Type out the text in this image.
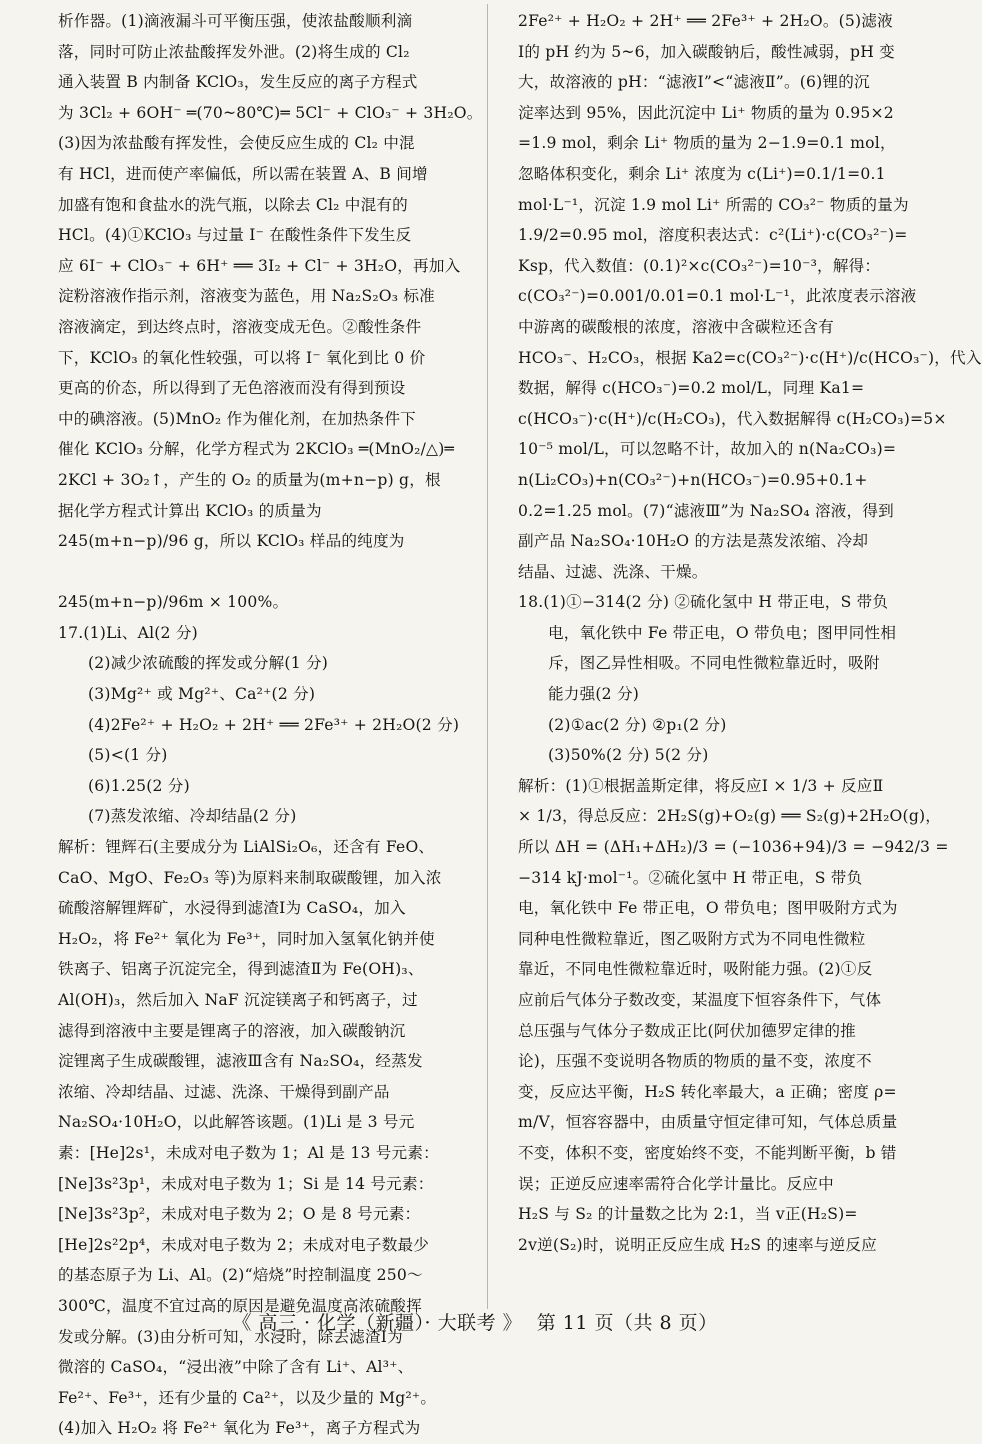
析作器。(1)滴液漏斗可平衡压强，使浓盐酸顺利滴
落，同时可防止浓盐酸挥发外泄。(2)将生成的 Cl₂
通入装置 B 内制备 KClO₃，发生反应的离子方程式
为 3Cl₂ + 6OH⁻ ═(70~80℃)═ 5Cl⁻ + ClO₃⁻ + 3H₂O。
(3)因为浓盐酸有挥发性，会使反应生成的 Cl₂ 中混
有 HCl，进而使产率偏低，所以需在装置 A、B 间增
加盛有饱和食盐水的洗气瓶，以除去 Cl₂ 中混有的
HCl。(4)①KClO₃ 与过量 I⁻ 在酸性条件下发生反
应 6I⁻ + ClO₃⁻ + 6H⁺ ══ 3I₂ + Cl⁻ + 3H₂O，再加入
淀粉溶液作指示剂，溶液变为蓝色，用 Na₂S₂O₃ 标准
溶液滴定，到达终点时，溶液变成无色。②酸性条件
下，KClO₃ 的氧化性较强，可以将 I⁻ 氧化到比 0 价
更高的价态，所以得到了无色溶液而没有得到预设
中的碘溶液。(5)MnO₂ 作为催化剂，在加热条件下
催化 KClO₃ 分解，化学方程式为 2KClO₃ ═(MnO₂/△)═
2KCl + 3O₂↑，产生的 O₂ 的质量为(m+n−p) g，根
据化学方程式计算出 KClO₃ 的质量为
245(m+n−p)/96 g，所以 KClO₃ 样品的纯度为
245(m+n−p)/96m × 100%。
17.(1)Li、Al(2 分)
(2)减少浓硫酸的挥发或分解(1 分)
(3)Mg²⁺ 或 Mg²⁺、Ca²⁺(2 分)
(4)2Fe²⁺ + H₂O₂ + 2H⁺ ══ 2Fe³⁺ + 2H₂O(2 分)
(5)<(1 分)
(6)1.25(2 分)
(7)蒸发浓缩、冷却结晶(2 分)
解析：锂辉石(主要成分为 LiAlSi₂O₆，还含有 FeO、
CaO、MgO、Fe₂O₃ 等)为原料来制取碳酸锂，加入浓
硫酸溶解锂辉矿，水浸得到滤渣Ⅰ为 CaSO₄，加入
H₂O₂，将 Fe²⁺ 氧化为 Fe³⁺，同时加入氢氧化钠并使
铁离子、铝离子沉淀完全，得到滤渣Ⅱ为 Fe(OH)₃、
Al(OH)₃，然后加入 NaF 沉淀镁离子和钙离子，过
滤得到溶液中主要是锂离子的溶液，加入碳酸钠沉
淀锂离子生成碳酸锂，滤液Ⅲ含有 Na₂SO₄，经蒸发
浓缩、冷却结晶、过滤、洗涤、干燥得到副产品
Na₂SO₄·10H₂O，以此解答该题。(1)Li 是 3 号元
素：[He]2s¹，未成对电子数为 1；Al 是 13 号元素：
[Ne]3s²3p¹，未成对电子数为 1；Si 是 14 号元素：
[Ne]3s²3p²，未成对电子数为 2；O 是 8 号元素：
[He]2s²2p⁴，未成对电子数为 2；未成对电子数最少
的基态原子为 Li、Al。(2)“焙烧”时控制温度 250～
300℃，温度不宜过高的原因是避免温度高浓硫酸挥
发或分解。(3)由分析可知，水浸时，除去滤渣Ⅰ为
微溶的 CaSO₄，“浸出液”中除了含有 Li⁺、Al³⁺、
Fe²⁺、Fe³⁺，还有少量的 Ca²⁺，以及少量的 Mg²⁺。
(4)加入 H₂O₂ 将 Fe²⁺ 氧化为 Fe³⁺，离子方程式为
2Fe²⁺ + H₂O₂ + 2H⁺ ══ 2Fe³⁺ + 2H₂O。(5)滤液
Ⅰ的 pH 约为 5~6，加入碳酸钠后，酸性减弱，pH 变
大，故溶液的 pH：“滤液Ⅰ”<“滤液Ⅱ”。(6)锂的沉
淀率达到 95%，因此沉淀中 Li⁺ 物质的量为 0.95×2
=1.9 mol，剩余 Li⁺ 物质的量为 2−1.9=0.1 mol，
忽略体积变化，剩余 Li⁺ 浓度为 c(Li⁺)=0.1/1=0.1
mol·L⁻¹，沉淀 1.9 mol Li⁺ 所需的 CO₃²⁻ 物质的量为
1.9/2=0.95 mol，溶度积表达式：c²(Li⁺)·c(CO₃²⁻)=
Ksp，代入数值：(0.1)²×c(CO₃²⁻)=10⁻³，解得：
c(CO₃²⁻)=0.001/0.01=0.1 mol·L⁻¹，此浓度表示溶液
中游离的碳酸根的浓度，溶液中含碳粒还含有
HCO₃⁻、H₂CO₃，根据 Ka2=c(CO₃²⁻)·c(H⁺)/c(HCO₃⁻)，代入
数据，解得 c(HCO₃⁻)=0.2 mol/L，同理 Ka1=
c(HCO₃⁻)·c(H⁺)/c(H₂CO₃)，代入数据解得 c(H₂CO₃)=5×
10⁻⁵ mol/L，可以忽略不计，故加入的 n(Na₂CO₃)=
n(Li₂CO₃)+n(CO₃²⁻)+n(HCO₃⁻)=0.95+0.1+
0.2=1.25 mol。(7)“滤液Ⅲ”为 Na₂SO₄ 溶液，得到
副产品 Na₂SO₄·10H₂O 的方法是蒸发浓缩、冷却
结晶、过滤、洗涤、干燥。
18.(1)①−314(2 分) ②硫化氢中 H 带正电，S 带负
电，氧化铁中 Fe 带正电，O 带负电；图甲同性相
斥，图乙异性相吸。不同电性微粒靠近时，吸附
能力强(2 分)
(2)①ac(2 分) ②p₁(2 分)
(3)50%(2 分) 5(2 分)
解析：(1)①根据盖斯定律，将反应Ⅰ × 1/3 + 反应Ⅱ
× 1/3，得总反应：2H₂S(g)+O₂(g) ══ S₂(g)+2H₂O(g)，
所以 ΔH = (ΔH₁+ΔH₂)/3 = (−1036+94)/3 = −942/3 =
−314 kJ·mol⁻¹。②硫化氢中 H 带正电，S 带负
电，氧化铁中 Fe 带正电，O 带负电；图甲吸附方式为
同种电性微粒靠近，图乙吸附方式为不同电性微粒
靠近，不同电性微粒靠近时，吸附能力强。(2)①反
应前后气体分子数改变，某温度下恒容条件下，气体
总压强与气体分子数成正比(阿伏加德罗定律的推
论)，压强不变说明各物质的物质的量不变，浓度不
变，反应达平衡，H₂S 转化率最大，a 正确；密度 ρ=
m/V，恒容容器中，由质量守恒定律可知，气体总质量
不变，体积不变，密度始终不变，不能判断平衡，b 错
误；正逆反应速率需符合化学计量比。反应中
H₂S 与 S₂ 的计量数之比为 2:1，当 v正(H₂S)=
2v逆(S₂)时，说明正反应生成 H₂S 的速率与逆反应
《 高三 · 化学（新疆）· 大联考 》 第 11 页（共 8 页）
